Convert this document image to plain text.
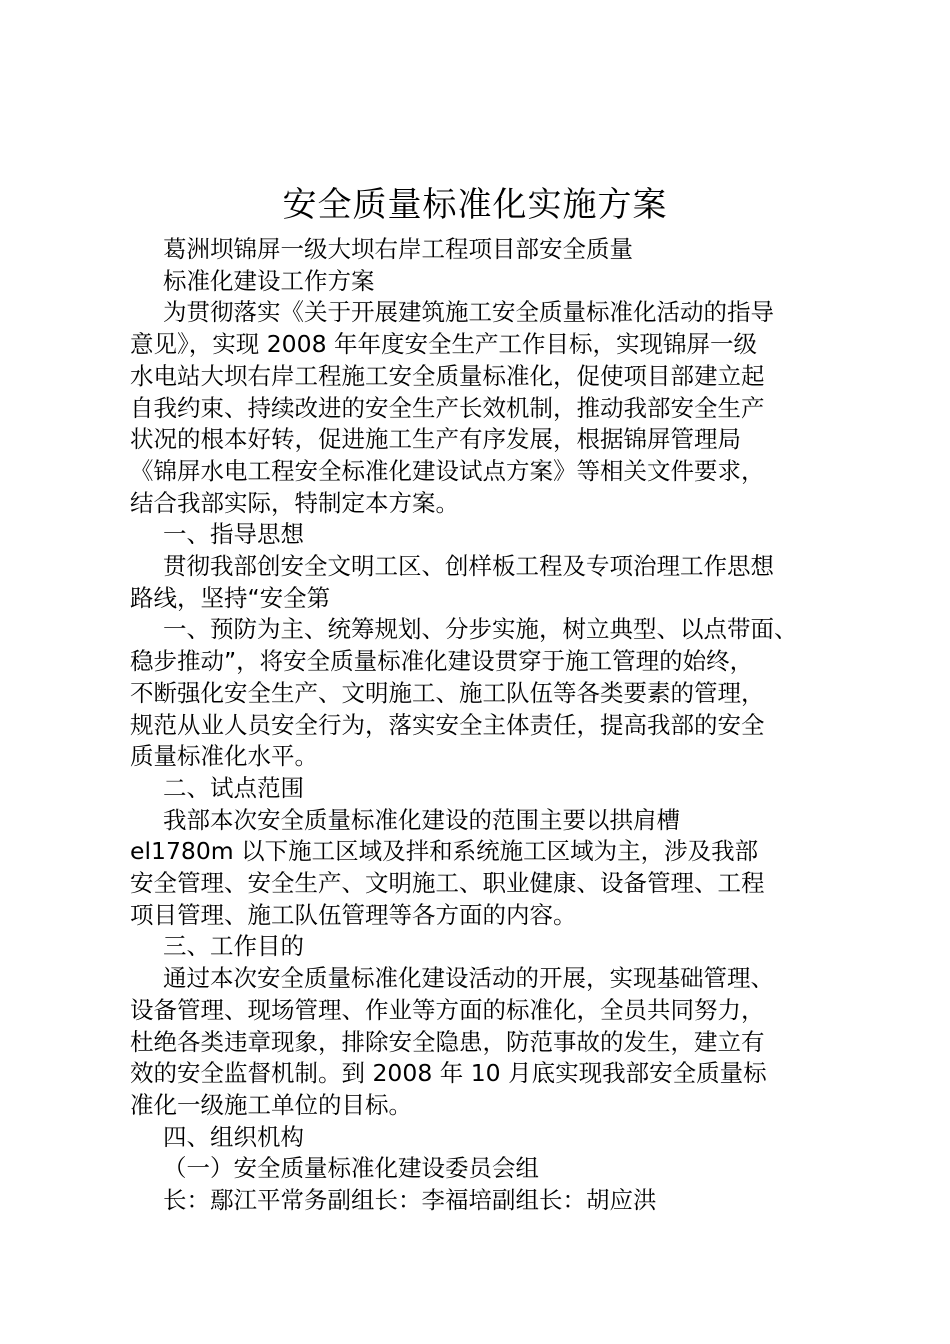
安全质量标准化实施方案
葛洲坝锦屏一级大坝右岸工程项目部安全质量
标准化建设工作方案
为贯彻落实《关于开展建筑施工安全质量标准化活动的指导
意见》，实现 2008 年年度安全生产工作目标，实现锦屏一级
水电站大坝右岸工程施工安全质量标准化，促使项目部建立起
自我约束、持续改进的安全生产长效机制，推动我部安全生产
状况的根本好转，促进施工生产有序发展，根据锦屏管理局
《锦屏水电工程安全标准化建设试点方案》等相关文件要求，
结合我部实际，特制定本方案。
一、指导思想
贯彻我部创安全文明工区、创样板工程及专项治理工作思想
路线，坚持“安全第
一、预防为主、统筹规划、分步实施，树立典型、以点带面、
稳步推动”，将安全质量标准化建设贯穿于施工管理的始终，
不断强化安全生产、文明施工、施工队伍等各类要素的管理，
规范从业人员安全行为，落实安全主体责任，提高我部的安全
质量标准化水平。
二、试点范围
我部本次安全质量标准化建设的范围主要以拱肩槽
el1780m 以下施工区域及拌和系统施工区域为主，涉及我部
安全管理、安全生产、文明施工、职业健康、设备管理、工程
项目管理、施工队伍管理等各方面的内容。
三、工作目的
通过本次安全质量标准化建设活动的开展，实现基础管理、
设备管理、现场管理、作业等方面的标准化，全员共同努力，
杜绝各类违章现象，排除安全隐患，防范事故的发生，建立有
效的安全监督机制。到 2008 年 10 月底实现我部安全质量标
准化一级施工单位的目标。
四、组织机构
（一）安全质量标准化建设委员会组
长：鄢江平常务副组长：李福培副组长：胡应洪
